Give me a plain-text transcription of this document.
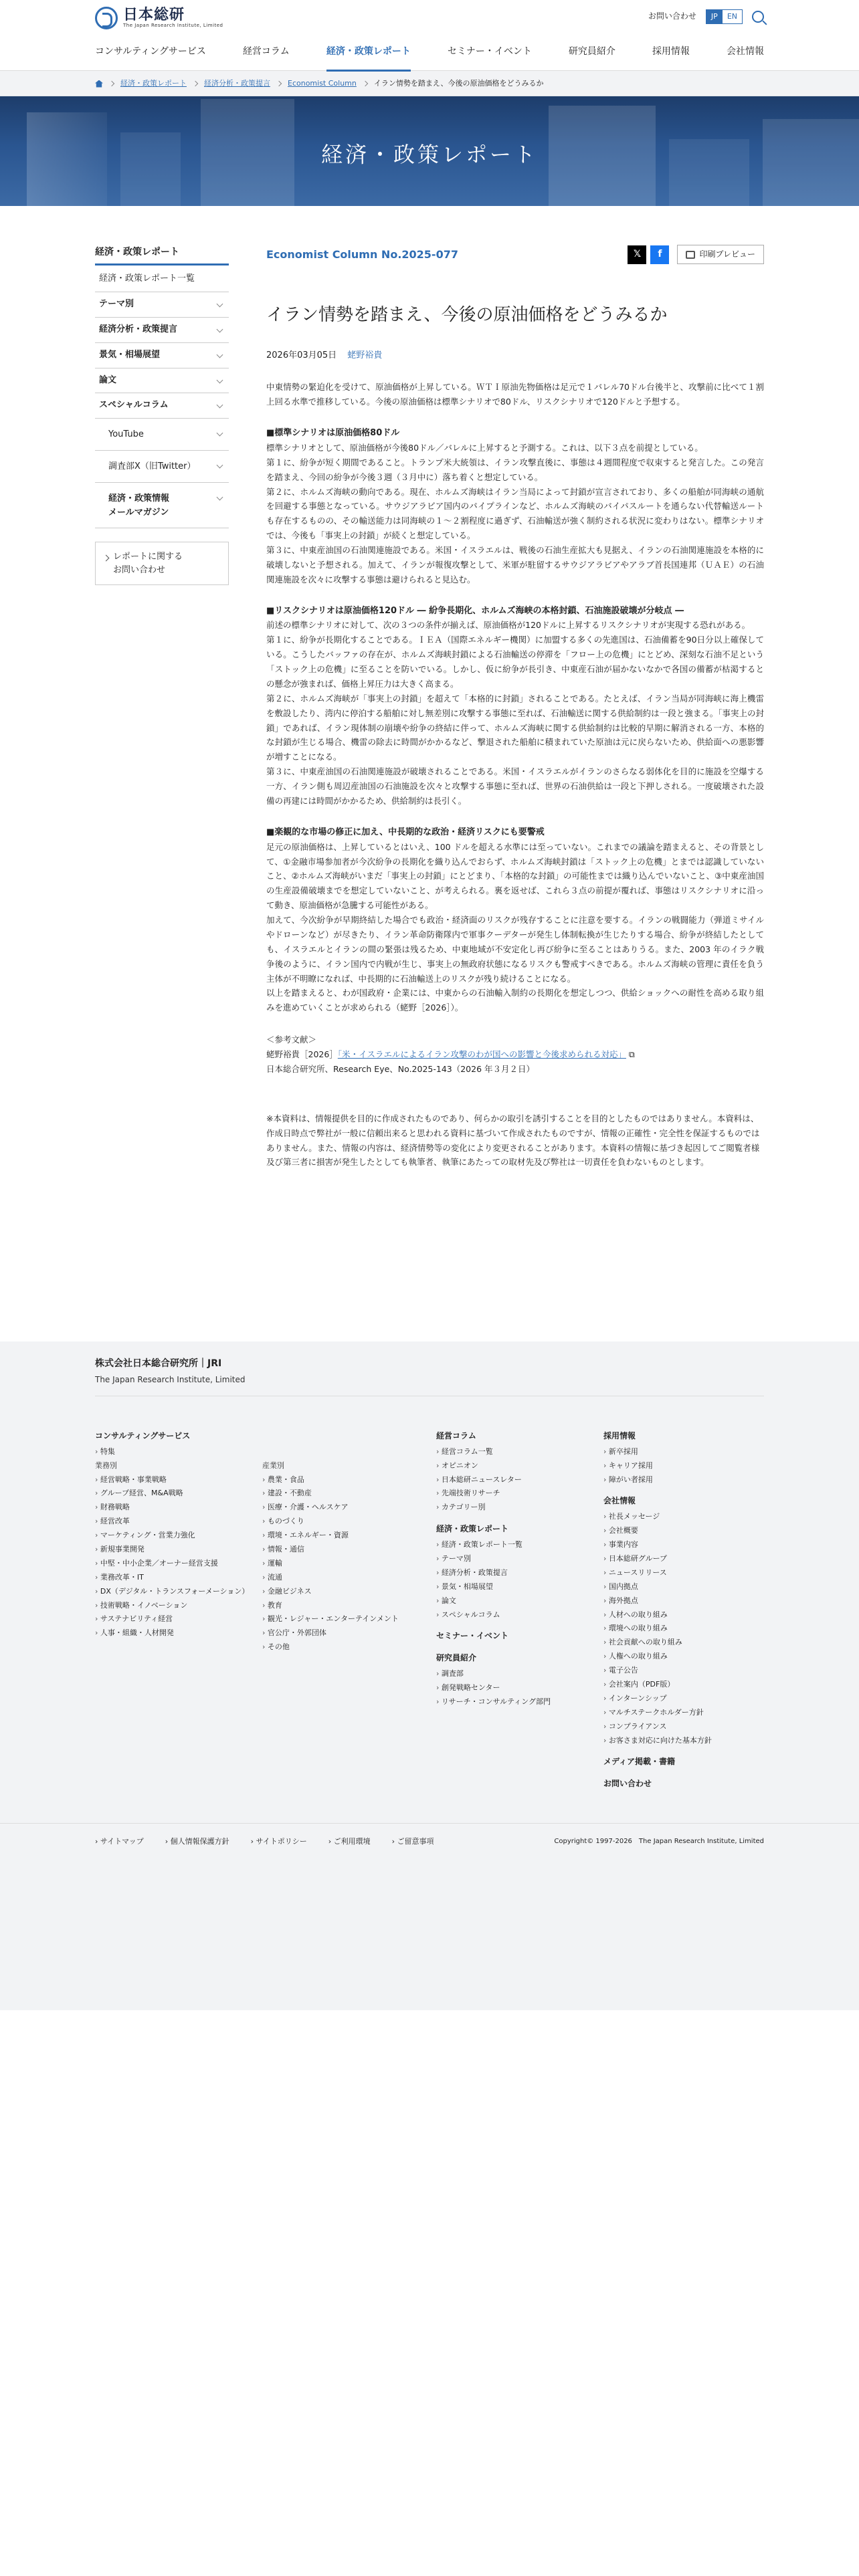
日本総研
The Japan Research Institute, Limited
お問い合わせ	JP	EN
コンサルティングサービス	経営コラム	経済・政策レポート	セミナー・イベント	研究員紹介	採用情報	会社情報
経済・政策レポート 経済分析・政策提言 Economist Column イラン情勢を踏まえ、今後の原油価格をどうみるか
経済・政策レポート
経済・政策レポート
経済・政策レポート一覧
テーマ別
経済分析・政策提言
景気・相場展望
論文
スペシャルコラム
YouTube
調査部X（旧Twitter）
経済・政策情報
メールマガジン
レポートに関する
お問い合わせ
Economist Column No.2025-077	𝕏	f	印刷プレビュー
イラン情勢を踏まえ、今後の原油価格をどうみるか
2026年03月05日 蛯野裕貴

中東情勢の緊迫化を受けて、原油価格が上昇している。ＷＴＩ原油先物価格は足元で１バレル70ドル台後半と、攻撃前に比べて１割上回る水準で推移している。今後の原油価格は標準シナリオで80ドル、リスクシナリオで120ドルと予想する。

■標準シナリオは原油価格80ドル

標準シナリオとして、原油価格が今後80ドル／バレルに上昇すると予測する。これは、以下３点を前提としている。
第１に、紛争が短く期間であること。トランプ米大統領は、イラン攻撃直後に、事態は４週間程度で収束すると発言した。この発言を踏まえ、今回の紛争が今後３週（３月中に）落ち着くと想定している。
第２に、ホルムズ海峡の動向である。現在、ホルムズ海峡はイラン当局によって封鎖が宣言されており、多くの船舶が同海峡の通航を回避する事態となっている。サウジアラビア国内のパイプラインなど、ホルムズ海峡のバイパスルートを通らない代替輸送ルートも存在するものの、その輸送能力は同海峡の１～２割程度に過ぎず、石油輸送が強く制約される状況に変わりはない。標準シナリオでは、今後も「事実上の封鎖」が続くと想定している。
第３に、中東産油国の石油関連施設である。米国・イスラエルは、戦後の石油生産拡大も見据え、イランの石油関連施設を本格的に破壊しないと予想される。加えて、イランが報復攻撃として、米軍が駐留するサウジアラビアやアラブ首長国連邦（ＵＡＥ）の石油関連施設を次々に攻撃する事態は避けられると見込む。

■リスクシナリオは原油価格120ドル ― 紛争長期化、ホルムズ海峡の本格封鎖、石油施設破壊が分岐点 ―

前述の標準シナリオに対して、次の３つの条件が揃えば、原油価格が120ドルに上昇するリスクシナリオが実現する恐れがある。
第１に、紛争が長期化することである。ＩＥＡ（国際エネルギー機関）に加盟する多くの先進国は、石油備蓄を90日分以上確保している。こうしたバッファの存在が、ホルムズ海峡封鎖による石油輸送の停滞を「フロー上の危機」にとどめ、深刻な石油不足という「ストック上の危機」に至ることを防いでいる。しかし、仮に紛争が長引き、中東産石油が届かないなかで各国の備蓄が枯渇するとの懸念が強まれば、価格上昇圧力は大きく高まる。
第２に、ホルムズ海峡が「事実上の封鎖」を超えて「本格的に封鎖」されることである。たとえば、イラン当局が同海峡に海上機雷を敷設したり、湾内に停泊する船舶に対し無差別に攻撃する事態に至れば、石油輸送に関する供給制約は一段と強まる。「事実上の封鎖」であれば、イラン現体制の崩壊や紛争の終結に伴って、ホルムズ海峡に関する供給制約は比較的早期に解消される一方、本格的な封鎖が生じる場合、機雷の除去に時間がかかるなど、撃退された船舶に積まれていた原油は元に戻らないため、供給面への悪影響が増すことになる。
第３に、中東産油国の石油関連施設が破壊されることである。米国・イスラエルがイランのさらなる弱体化を目的に施設を空爆する一方、イラン側も周辺産油国の石油施設を次々と攻撃する事態に至れば、世界の石油供給は一段と下押しされる。一度破壊された設備の再建には時間がかかるため、供給制約は長引く。

■楽観的な市場の修正に加え、中長期的な政治・経済リスクにも要警戒

足元の原油価格は、上昇しているとはいえ、100 ドルを超える水準には至っていない。これまでの議論を踏まえると、その背景として、①金融市場参加者が今次紛争の長期化を織り込んでおらず、ホルムズ海峡封鎖は「ストック上の危機」とまでは認識していないこと、②ホルムズ海峡がいまだ「事実上の封鎖」にとどまり、「本格的な封鎖」の可能性までは織り込んでいないこと、③中東産油国の生産設備破壊までを想定していないこと、が考えられる。裏を返せば、これら３点の前提が覆れば、事態はリスクシナリオに沿って動き、原油価格が急騰する可能性がある。
加えて、今次紛争が早期終結した場合でも政治・経済面のリスクが残存することに注意を要する。イランの戦闘能力（弾道ミサイルやドローンなど）が尽きたり、イラン革命防衛隊内で軍事クーデターが発生し体制転換が生じたりする場合、紛争が終結したとしても、イスラエルとイランの間の緊張は残るため、中東地域が不安定化し再び紛争に至ることはありうる。また、2003 年のイラク戦争後のように、イラン国内で内戦が生じ、事実上の無政府状態になるリスクも警戒すべきである。ホルムズ海峡の管理に責任を負う主体が不明瞭になれば、中長期的に石油輸送上のリスクが残り続けることになる。
以上を踏まえると、わが国政府・企業には、中東からの石油輸入制約の長期化を想定しつつ、供給ショックへの耐性を高める取り組みを進めていくことが求められる（蛯野［2026］）。

＜参考文献＞
蛯野裕貴［2026］「米・イスラエルによるイラン攻撃のわが国への影響と今後求められる対応」 ⧉
日本総合研究所、Research Eye、No.2025-143（2026 年３月２日）

※本資料は、情報提供を目的に作成されたものであり、何らかの取引を誘引することを目的としたものではありません。本資料は、作成日時点で弊社が一般に信頼出来ると思われる資料に基づいて作成されたものですが、情報の正確性・完全性を保証するものではありません。また、情報の内容は、経済情勢等の変化により変更されることがあります。本資料の情報に基づき起因してご閲覧者様及び第三者に損害が発生したとしても執筆者、執筆にあたっての取材先及び弊社は一切責任を負わないものとします。

株式会社日本総合研究所｜JRI
The Japan Research Institute, Limited
コンサルティングサービス
› 特集
業務別
› 経営戦略・事業戦略
› グループ経営、M&A戦略
› 財務戦略
› 経営改革
› マーケティング・営業力強化
› 新規事業開発
› 中堅・中小企業／オーナー経営支援
› 業務改革・IT
› DX（デジタル・トランスフォーメーション）
› 技術戦略・イノベーション
› サステナビリティ経営
› 人事・組織・人材開発
産業別
› 農業・食品
› 建設・不動産
› 医療・介護・ヘルスケア
› ものづくり
› 環境・エネルギー・資源
› 情報・通信
› 運輸
› 流通
› 金融ビジネス
› 教育
› 観光・レジャー・エンターテインメント
› 官公庁・外郭団体
› その他
経営コラム
› 経営コラム一覧
› オピニオン
› 日本総研ニュースレター
› 先端技術リサーチ
› カテゴリー別
経済・政策レポート
› 経済・政策レポート一覧
› テーマ別
› 経済分析・政策提言
› 景気・相場展望
› 論文
› スペシャルコラム
セミナー・イベント
研究員紹介
› 調査部
› 創発戦略センター
› リサーチ・コンサルティング部門
採用情報
› 新卒採用
› キャリア採用
› 障がい者採用
会社情報
› 社長メッセージ
› 会社概要
› 事業内容
› 日本総研グループ
› ニュースリリース
› 国内拠点
› 海外拠点
› 人材への取り組み
› 環境への取り組み
› 社会貢献への取り組み
› 人権への取り組み
› 電子公告
› 会社案内（PDF版）
› インターンシップ
› マルチステークホルダー方針
› コンプライアンス
› お客さま対応に向けた基本方針
メディア掲載・書籍
お問い合わせ
› サイトマップ	› 個人情報保護方針	› サイトポリシー	› ご利用環境	› ご留意事項	Copyright© 1997-2026　The Japan Research Institute, Limited
